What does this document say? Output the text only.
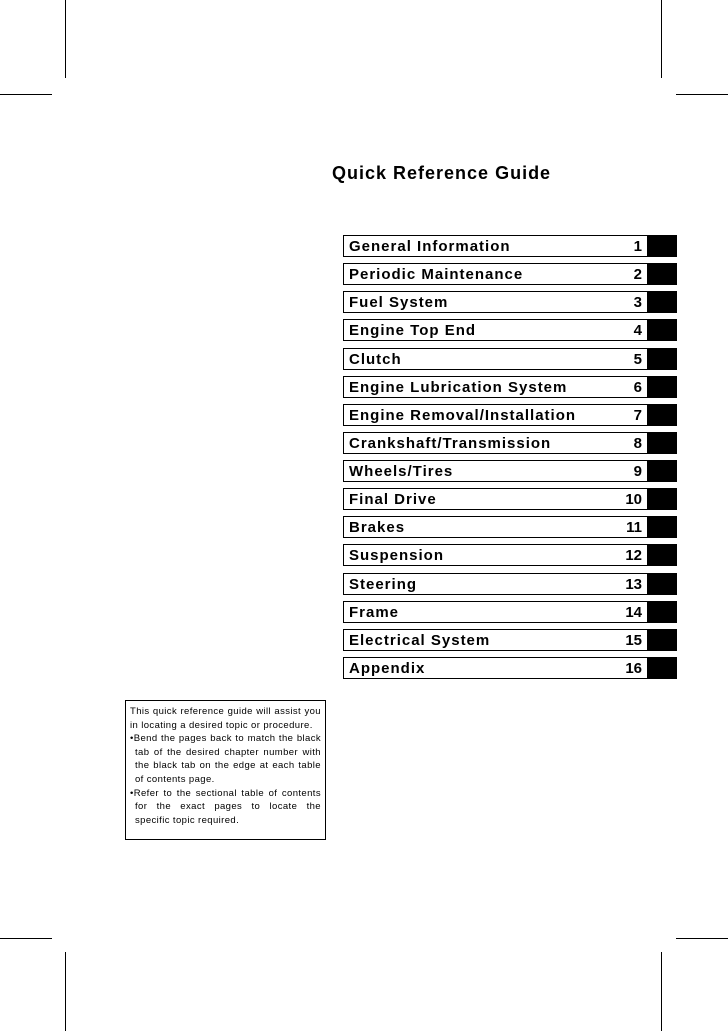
Quick Reference Guide
General Information	1
Periodic Maintenance	2
Fuel System	3
Engine Top End	4
Clutch	5
Engine Lubrication System	6
Engine Removal/Installation	7
Crankshaft/Transmission	8
Wheels/Tires	9
Final Drive	10
Brakes	11
Suspension	12
Steering	13
Frame	14
Electrical System	15
Appendix	16

This quick reference guide will assist you in locating a desired topic or procedure.

•Bend the pages back to match the black tab of the desired chapter number with the black tab on the edge at each table of contents page.

•Refer to the sectional table of contents for the exact pages to locate the specific topic required.
